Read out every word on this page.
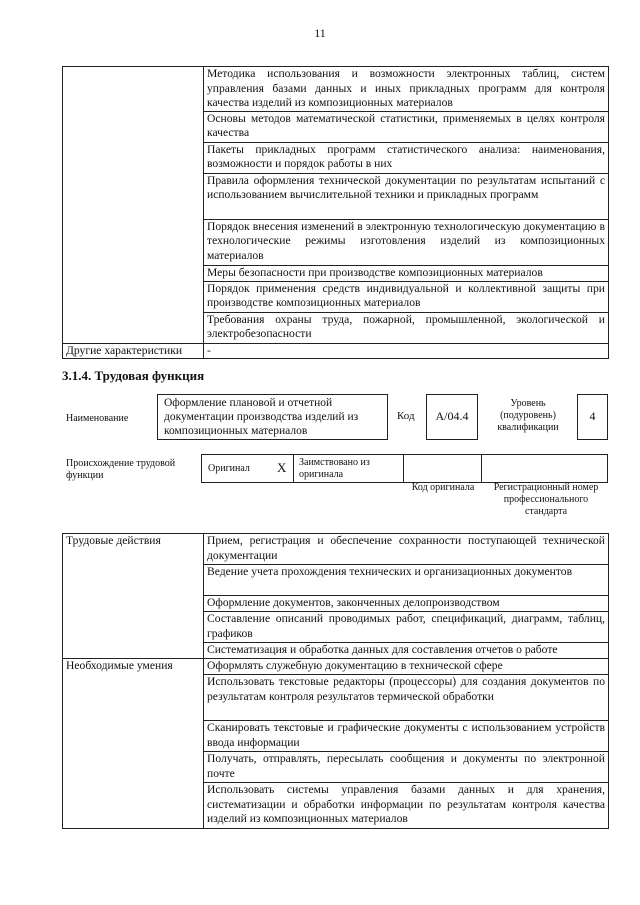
11
	Методика использования и возможности электронных таблиц, систем управления базами данных и иных прикладных программ для контроля качества изделий из композиционных материалов
	Основы методов математической статистики, применяемых в целях контроля качества
	Пакеты прикладных программ статистического анализа: наименования, возможности и порядок работы в них
	Правила оформления технической документации по результатам испытаний с использованием вычислительной техники и прикладных программ
	Порядок внесения изменений в электронную технологическую документацию в технологические режимы изготовления изделий из композиционных материалов
	Меры безопасности при производстве композиционных материалов
	Порядок применения средств индивидуальной и коллективной защиты при производстве композиционных материалов
	Требования охраны труда, пожарной, промышленной, экологической и электробезопасности
Другие характеристики	-
3.1.4. Трудовая функция
Наименование
Оформление плановой и отчетной документации производства изделий из композиционных материалов
Код	А/04.4
Уровень (подуровень) квалификации
4
Происхождение трудовой функции
Оригинал X Заимствовано из оригинала
Код оригинала	Регистрационный номер профессионального стандарта
Трудовые действия	Прием, регистрация и обеспечение сохранности поступающей технической документации
	Ведение учета прохождения технических и организационных документов
	Оформление документов, законченных делопроизводством
	Составление описаний проводимых работ, спецификаций, диаграмм, таблиц, графиков
	Систематизация и обработка данных для составления отчетов о работе
Необходимые умения	Оформлять служебную документацию в технической сфере
	Использовать текстовые редакторы (процессоры) для создания документов по результатам контроля результатов термической обработки
	Сканировать текстовые и графические документы с использованием устройств ввода информации
	Получать, отправлять, пересылать сообщения и документы по электронной почте
	Использовать системы управления базами данных и для хранения, систематизации и обработки информации по результатам контроля качества изделий из композиционных материалов
